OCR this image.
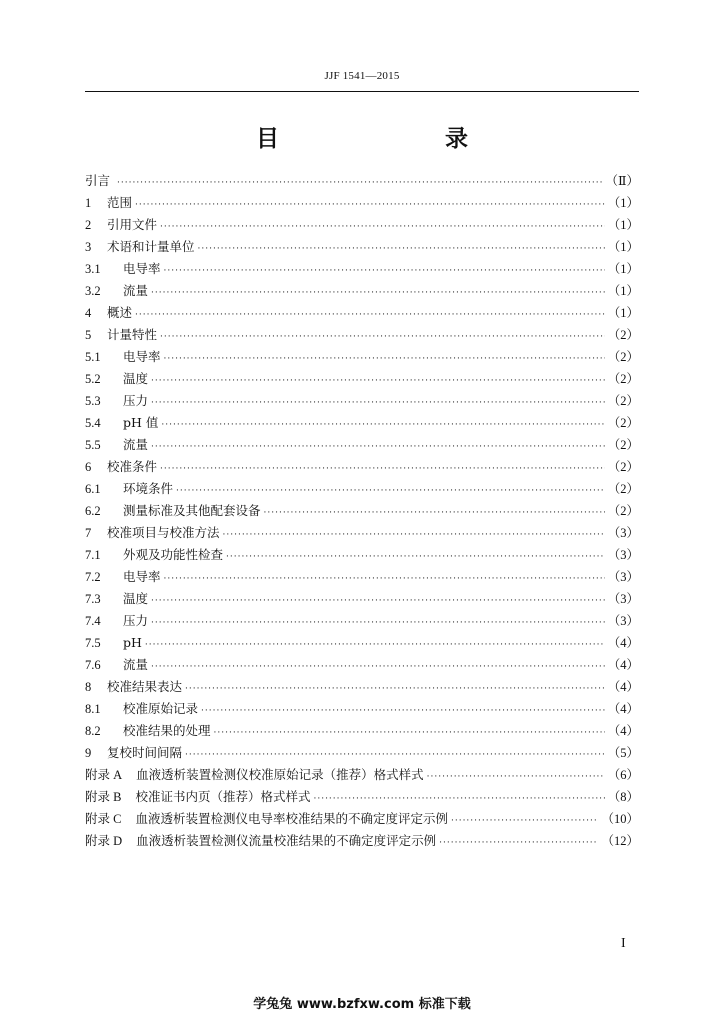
JJF 1541—2015
目　　录
引言 ·····	（Ⅱ）
1	范围 ·····	（1）
2	引用文件 ·····	（1）
3	术语和计量单位 ·····	（1）
3.1	电导率 ·····	（1）
3.2	流量 ·····	（1）
4	概述 ·····	（1）
5	计量特性 ·····	（2）
5.1	电导率 ·····	（2）
5.2	温度 ·····	（2）
5.3	压力 ·····	（2）
5.4	pH 值 ·····	（2）
5.5	流量 ·····	（2）
6	校准条件 ·····	（2）
6.1	环境条件 ·····	（2）
6.2	测量标准及其他配套设备 ·····	（2）
7	校准项目与校准方法 ·····	（3）
7.1	外观及功能性检查 ·····	（3）
7.2	电导率 ·····	（3）
7.3	温度 ·····	（3）
7.4	压力 ·····	（3）
7.5	pH ·····	（4）
7.6	流量 ·····	（4）
8	校准结果表达 ·····	（4）
8.1	校准原始记录 ·····	（4）
8.2	校准结果的处理 ·····	（4）
9	复校时间间隔 ·····	（5）
附录 A	血液透析装置检测仪校准原始记录（推荐）格式样式 ·····	（6）
附录 B	校准证书内页（推荐）格式样式 ·····	（8）
附录 C	血液透析装置检测仪电导率校准结果的不确定度评定示例 ·····	（10）
附录 D	血液透析装置检测仪流量校准结果的不确定度评定示例 ·····	（12）
I
学兔兔 www.bzfxw.com 标准下载
